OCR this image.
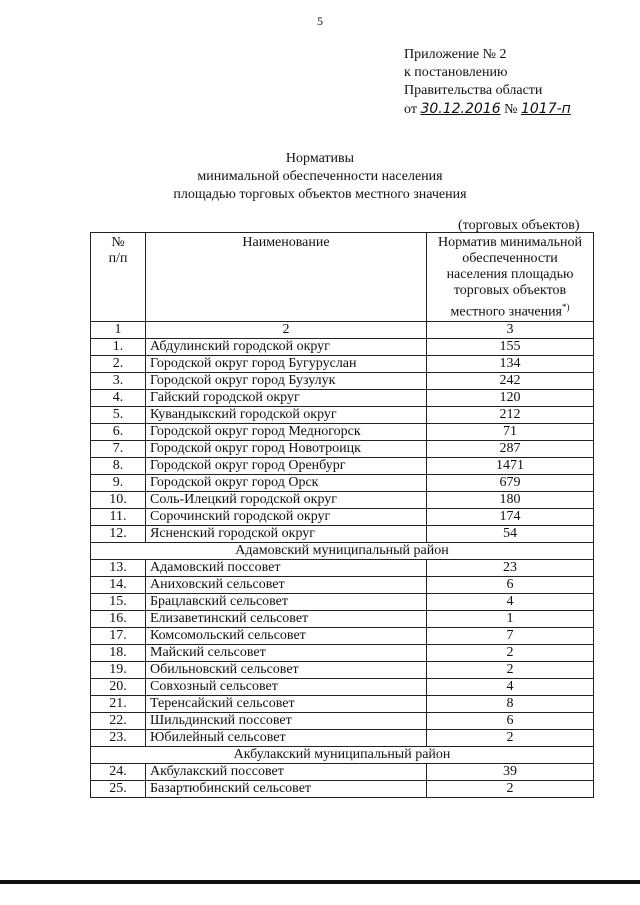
5
Приложение № 2
к постановлению
Правительства области
от 30.12.2016 № 1017-п
Нормативы
минимальной обеспеченности населения
площадью торговых объектов местного значения
(торговых объектов)
№
п/п	Наименование	Норматив минимальной обеспеченности населения площадью торговых объектов местного значения*)
1	2	3
1.	Абдулинский городской округ	155
2.	Городской округ город Бугуруслан	134
3.	Городской округ город Бузулук	242
4.	Гайский городской округ	120
5.	Кувандыкский городской округ	212
6.	Городской округ город Медногорск	71
7.	Городской округ город Новотроицк	287
8.	Городской округ город Оренбург	1471
9.	Городской округ город Орск	679
10.	Соль-Илецкий городской округ	180
11.	Сорочинский городской округ	174
12.	Ясненский городской округ	54
Адамовский муниципальный район		
13.	Адамовский поссовет	23
14.	Аниховский сельсовет	6
15.	Брацлавский сельсовет	4
16.	Елизаветинский сельсовет	1
17.	Комсомольский сельсовет	7
18.	Майский сельсовет	2
19.	Обильновский сельсовет	2
20.	Совхозный сельсовет	4
21.	Теренсайский сельсовет	8
22.	Шильдинский поссовет	6
23.	Юбилейный сельсовет	2
Акбулакский муниципальный район		
24.	Акбулакский поссовет	39
25.	Базартюбинский сельсовет	2
